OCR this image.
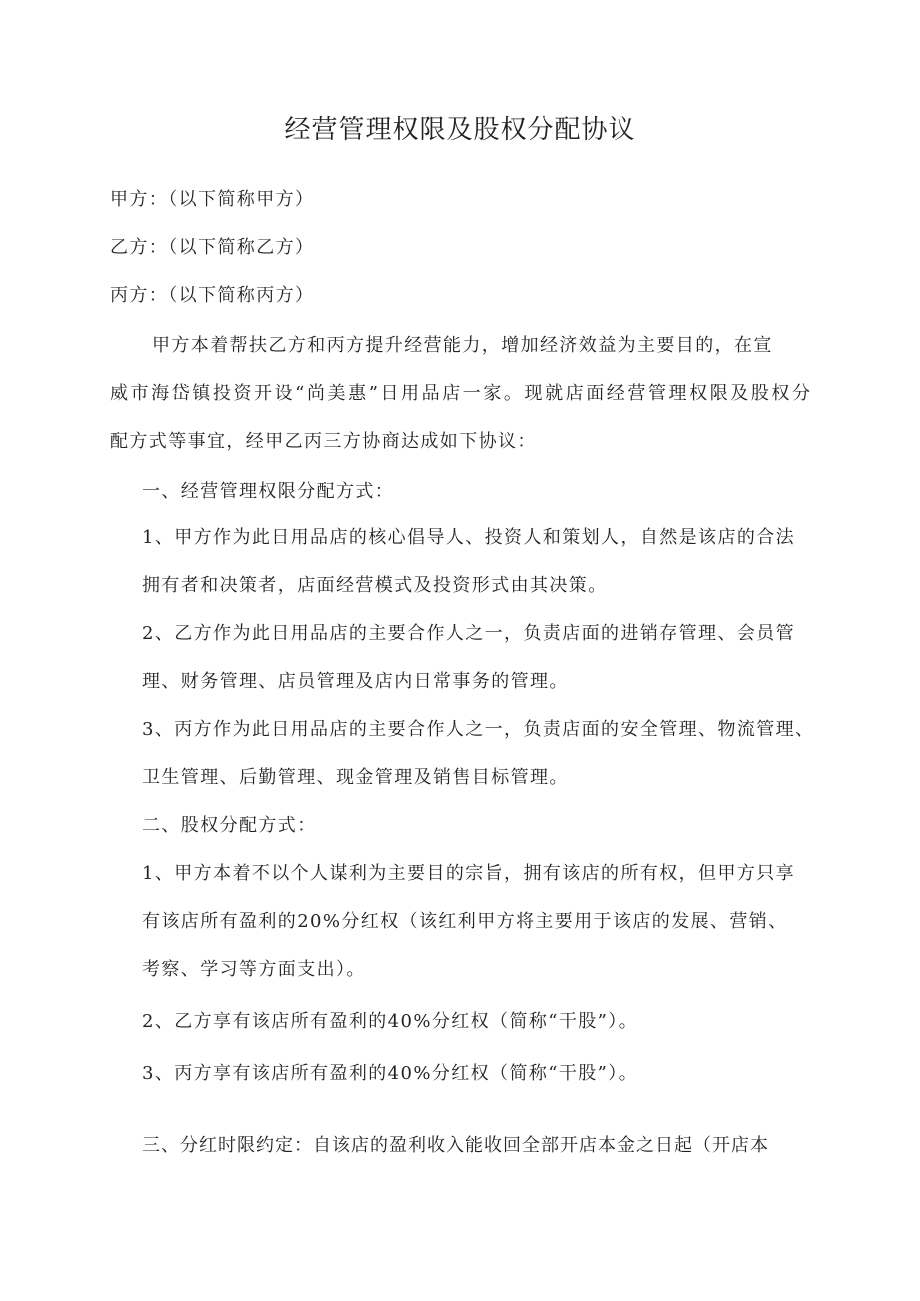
经营管理权限及股权分配协议
甲方：（以下简称甲方）
乙方：（以下简称乙方）
丙方：（以下简称丙方）
甲方本着帮扶乙方和丙方提升经营能力，增加经济效益为主要目的，在宣
威市海岱镇投资开设“尚美惠”日用品店一家。现就店面经营管理权限及股权分
配方式等事宜，经甲乙丙三方协商达成如下协议：
一、经营管理权限分配方式：
1、甲方作为此日用品店的核心倡导人、投资人和策划人，自然是该店的合法
拥有者和决策者，店面经营模式及投资形式由其决策。
2、乙方作为此日用品店的主要合作人之一，负责店面的进销存管理、会员管
理、财务管理、店员管理及店内日常事务的管理。
3、丙方作为此日用品店的主要合作人之一，负责店面的安全管理、物流管理、
卫生管理、后勤管理、现金管理及销售目标管理。
二、股权分配方式：
1、甲方本着不以个人谋利为主要目的宗旨，拥有该店的所有权，但甲方只享
有该店所有盈利的20%分红权（该红利甲方将主要用于该店的发展、营销、
考察、学习等方面支出）。
2、乙方享有该店所有盈利的40%分红权（简称“干股”）。
3、丙方享有该店所有盈利的40%分红权（简称“干股”）。
三、分红时限约定：自该店的盈利收入能收回全部开店本金之日起（开店本
